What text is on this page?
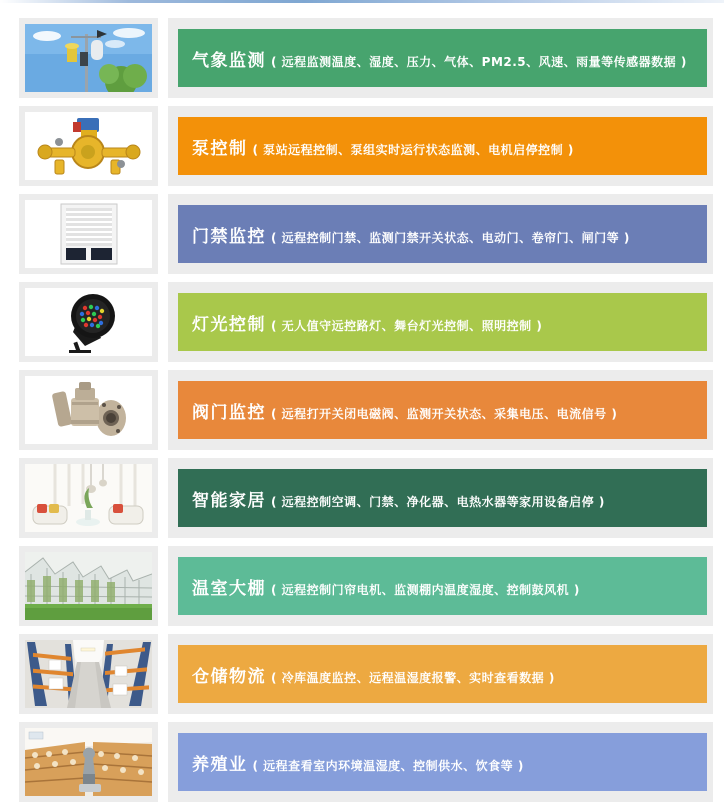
气象监测 ( 远程监测温度、湿度、压力、气体、PM2.5、风速、雨量等传感器数据 )
泵控制 ( 泵站远程控制、泵组实时运行状态监测、电机启停控制 )
门禁监控 ( 远程控制门禁、监测门禁开关状态、电动门、卷帘门、闸门等 )
灯光控制 ( 无人值守远控路灯、舞台灯光控制、照明控制 )
阀门监控 ( 远程打开关闭电磁阀、监测开关状态、采集电压、电流信号 )
智能家居 ( 远程控制空调、门禁、净化器、电热水器等家用设备启停 )
温室大棚 ( 远程控制门帘电机、监测棚内温度湿度、控制鼓风机 )
仓储物流 ( 冷库温度监控、远程温湿度报警、实时查看数据 )
养殖业 ( 远程查看室内环境温湿度、控制供水、饮食等 )
